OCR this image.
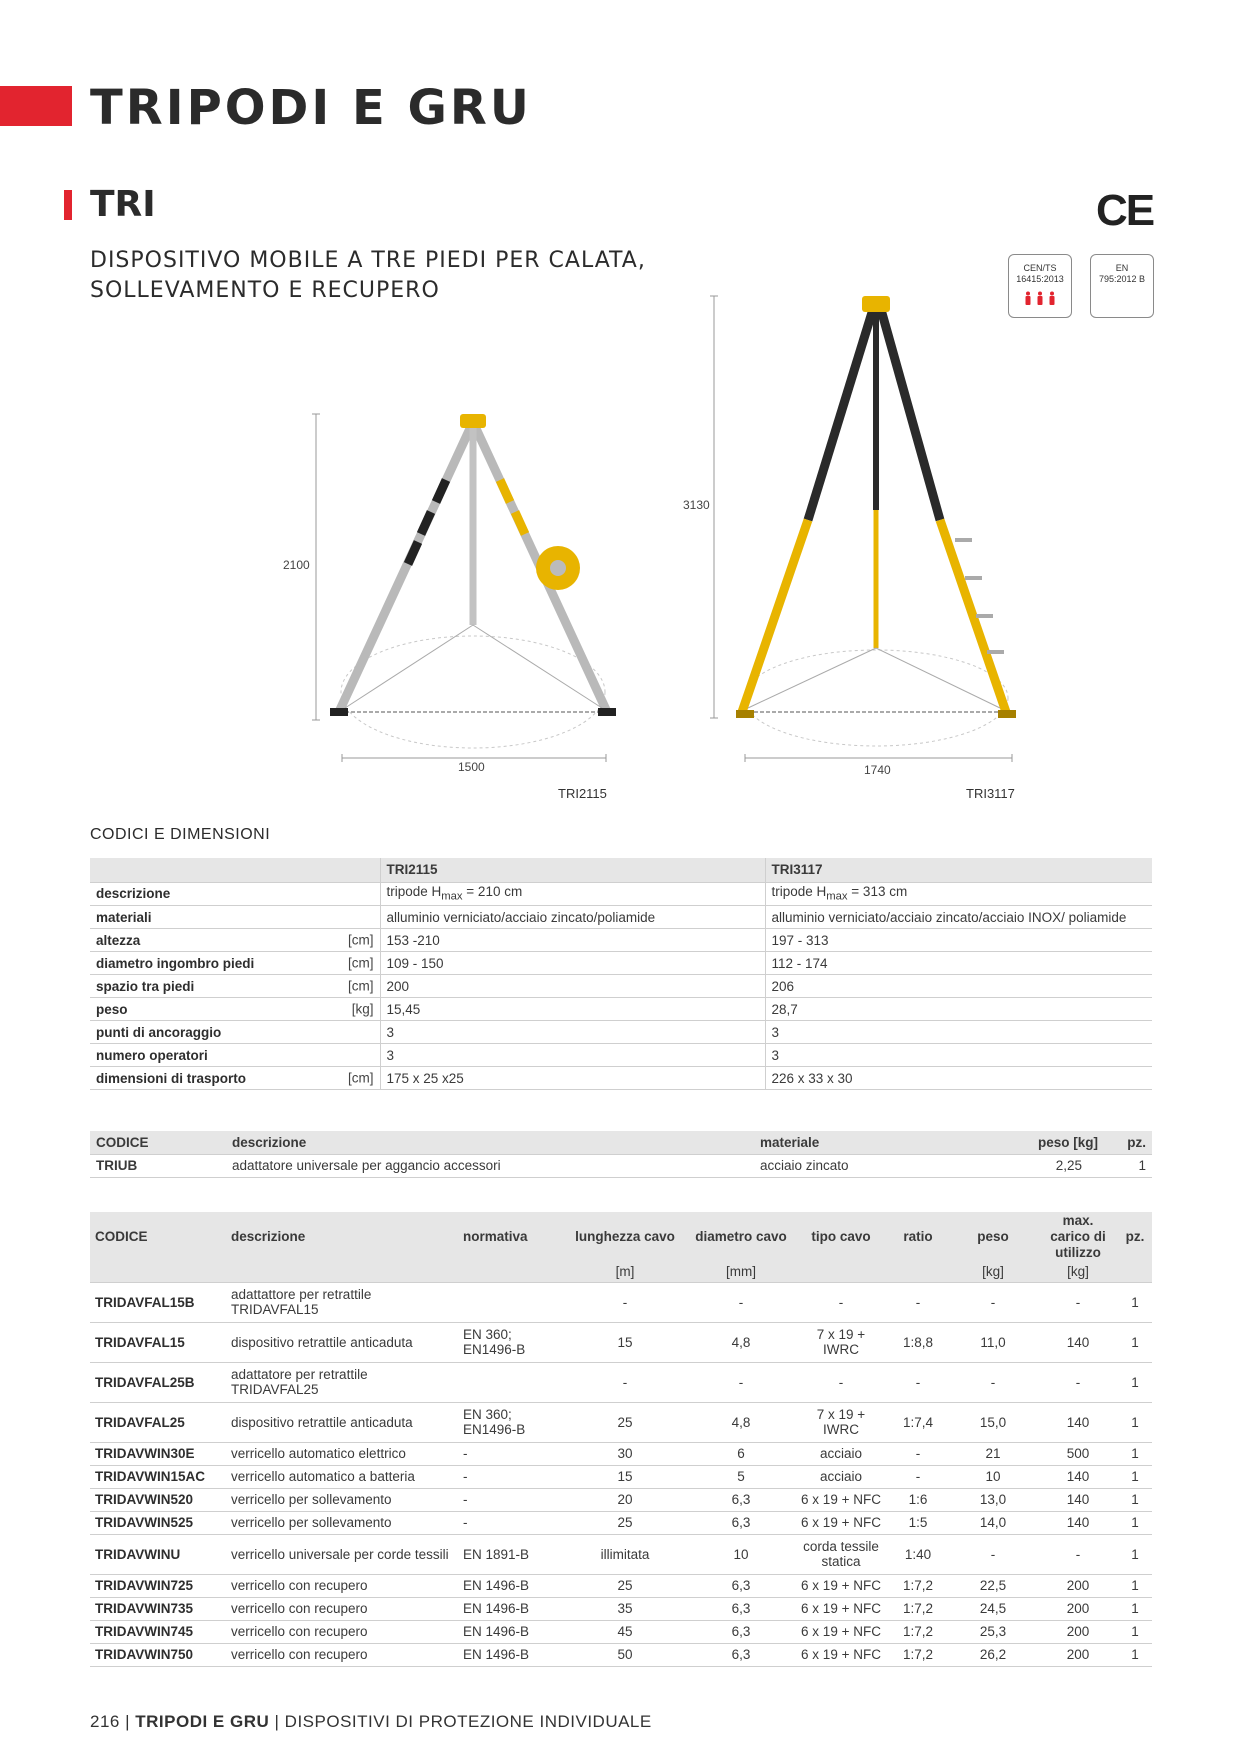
TRIPODI E GRU
TRI
DISPOSITIVO MOBILE A TRE PIEDI PER CALATA,
SOLLEVAMENTO E RECUPERO
CE
CEN/TS
16415:2013
EN
795:2012 B
2100
1500
TRI2115
3130
1740
TRI3117
CODICI E DIMENSIONI
	TRI2115	TRI3117
descrizione	tripode $H_{max} = 210$ cm	tripode $H_{max} = 313$ cm
materiali	alluminio verniciato/acciaio zincato/poliamide	alluminio verniciato/acciaio zincato/acciaio INOX/ poliamide
altezza [cm]	153 -210	197 - 313
diametro ingombro piedi [cm]	109 - 150	112 - 174
spazio tra piedi [cm]	200	206
peso [kg]	15,45	28,7
punti di ancoraggio	3	3
numero operatori	3	3
dimensioni di trasporto [cm]	175 x 25 x25	226 x 33 x 30
CODICE	descrizione	materiale	peso [kg]	pz.
TRIUB	adattatore universale per aggancio accessori	acciaio zincato	2,25	1
CODICE	descrizione	normativa	lunghezza cavo	diametro cavo	tipo cavo	ratio	peso	max. carico di utilizzo	pz.
			[m]	[mm]			[kg]	[kg]	
TRIDAVFAL15B	adattattore per retrattile TRIDAVFAL15		-	-	-	-	-	-	1
TRIDAVFAL15	dispositivo retrattile anticaduta	EN 360; EN1496-B	15	4,8	7 x 19 + IWRC	1:8,8	11,0	140	1
TRIDAVFAL25B	adattatore per retrattile TRIDAVFAL25		-	-	-	-	-	-	1
TRIDAVFAL25	dispositivo retrattile anticaduta	EN 360; EN1496-B	25	4,8	7 x 19 + IWRC	1:7,4	15,0	140	1
TRIDAVWIN30E	verricello automatico elettrico	-	30	6	acciaio	-	21	500	1
TRIDAVWIN15AC	verricello automatico a batteria	-	15	5	acciaio	-	10	140	1
TRIDAVWIN520	verricello per sollevamento	-	20	6,3	6 x 19 + NFC	1:6	13,0	140	1
TRIDAVWIN525	verricello per sollevamento	-	25	6,3	6 x 19 + NFC	1:5	14,0	140	1
TRIDAVWINU	verricello universale per corde tessili	EN 1891-B	illimitata	10	corda tessile statica	1:40	-	-	1
TRIDAVWIN725	verricello con recupero	EN 1496-B	25	6,3	6 x 19 + NFC	1:7,2	22,5	200	1
TRIDAVWIN735	verricello con recupero	EN 1496-B	35	6,3	6 x 19 + NFC	1:7,2	24,5	200	1
TRIDAVWIN745	verricello con recupero	EN 1496-B	45	6,3	6 x 19 + NFC	1:7,2	25,3	200	1
TRIDAVWIN750	verricello con recupero	EN 1496-B	50	6,3	6 x 19 + NFC	1:7,2	26,2	200	1
216 | TRIPODI E GRU | DISPOSITIVI DI PROTEZIONE INDIVIDUALE
